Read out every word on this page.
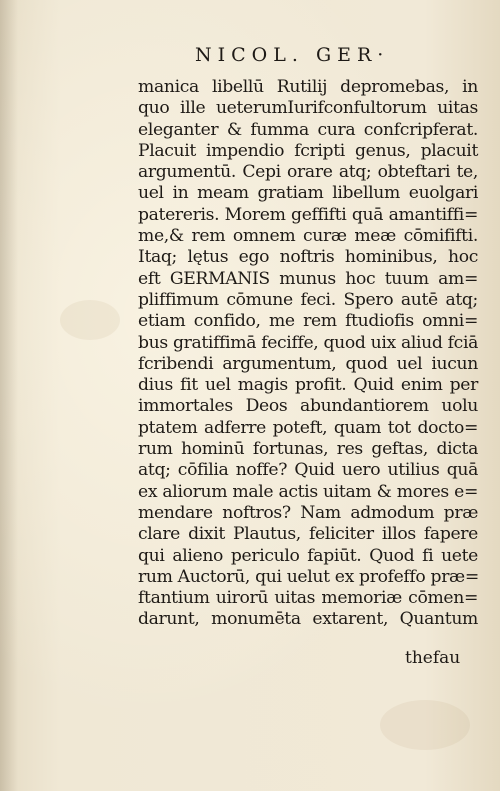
NICOL. GER·
manica libellū Rutilij depromebas, in
quo ille ueterumIurifconfultorum uitas
eleganter & fumma cura confcripferat.
Placuit impendio fcripti genus, placuit
argumentū. Cepi orare atq; obteftari te,
uel in meam gratiam libellum euolgari
patereris. Morem geffifti quā amantiffi=
me,& rem omnem curæ meæ cōmififti.
Itaq; lętus ego noftris hominibus, hoc
eft GERMANIS munus hoc tuum am=
pliffimum cōmune feci. Spero autē atq;
etiam confido, me rem ftudiofis omni=
bus gratiffimā feciffe, quod uix aliud fciā
fcribendi argumentum, quod uel iucun
dius fit uel magis profit. Quid enim per
immortales Deos abundantiorem uolu
ptatem adferre poteft, quam tot docto=
rum hominū fortunas, res geftas, dicta
atq; cōfilia noffe? Quid uero utilius quā
ex aliorum male actis uitam & mores e=
mendare noftros? Nam admodum præ
clare dixit Plautus, feliciter illos fapere
qui alieno periculo fapiūt. Quod fi uete
rum Auctorū, qui uelut ex profeffo præ=
ftantium uirorū uitas memoriæ cōmen=
darunt, monumēta extarent, Quantum
thefau
